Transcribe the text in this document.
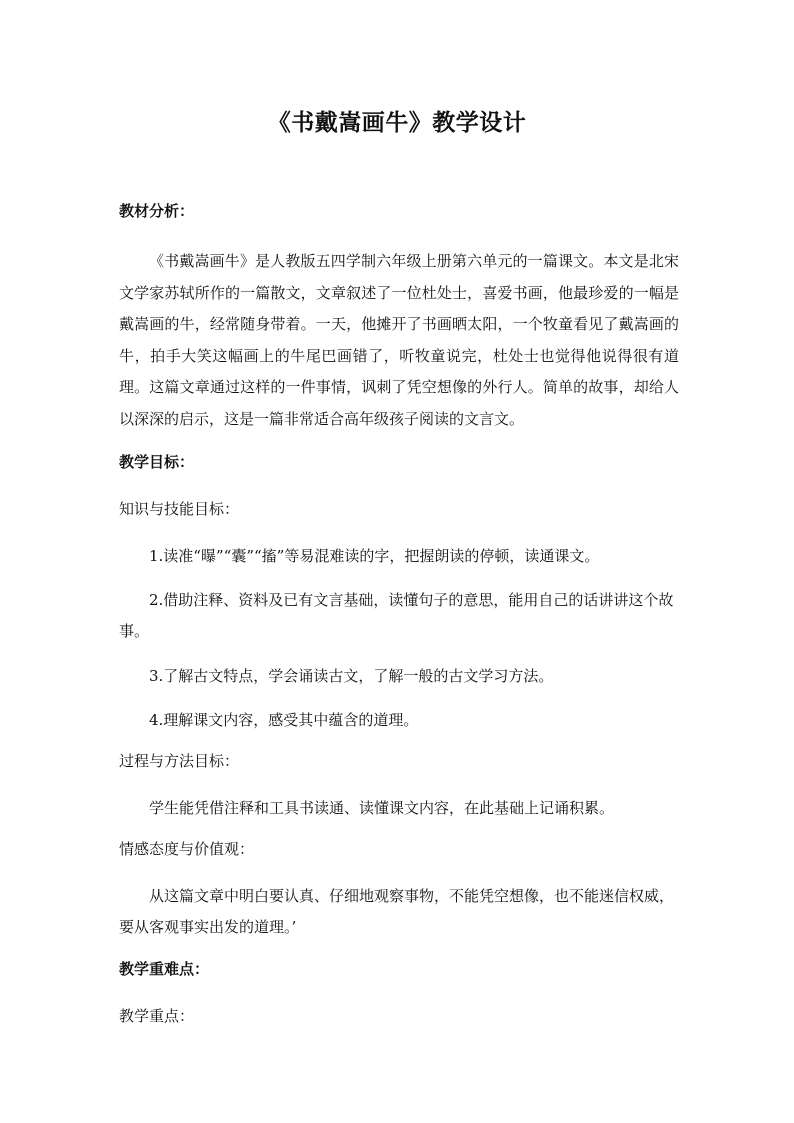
《书戴嵩画牛》教学设计
教材分析：

《书戴嵩画牛》是人教版五四学制六年级上册第六单元的一篇课文。本文是北宋文学家苏轼所作的一篇散文，文章叙述了一位杜处士，喜爱书画，他最珍爱的一幅是戴嵩画的牛，经常随身带着。一天，他摊开了书画晒太阳，一个牧童看见了戴嵩画的牛，拍手大笑这幅画上的牛尾巴画错了，听牧童说完，杜处士也觉得他说得很有道理。这篇文章通过这样的一件事情，讽刺了凭空想像的外行人。简单的故事，却给人以深深的启示，这是一篇非常适合高年级孩子阅读的文言文。

教学目标：
知识与技能目标：

1.读准“曝”“囊”“搐”等易混难读的字，把握朗读的停顿，读通课文。

2.借助注释、资料及已有文言基础，读懂句子的意思，能用自己的话讲讲这个故事。

3.了解古文特点，学会诵读古文，了解一般的古文学习方法。

4.理解课文内容，感受其中蕴含的道理。

过程与方法目标：

学生能凭借注释和工具书读通、读懂课文内容，在此基础上记诵积累。

情感态度与价值观：

从这篇文章中明白要认真、仔细地观察事物，不能凭空想像，也不能迷信权威，要从客观事实出发的道理。’

教学重难点：
教学重点：
